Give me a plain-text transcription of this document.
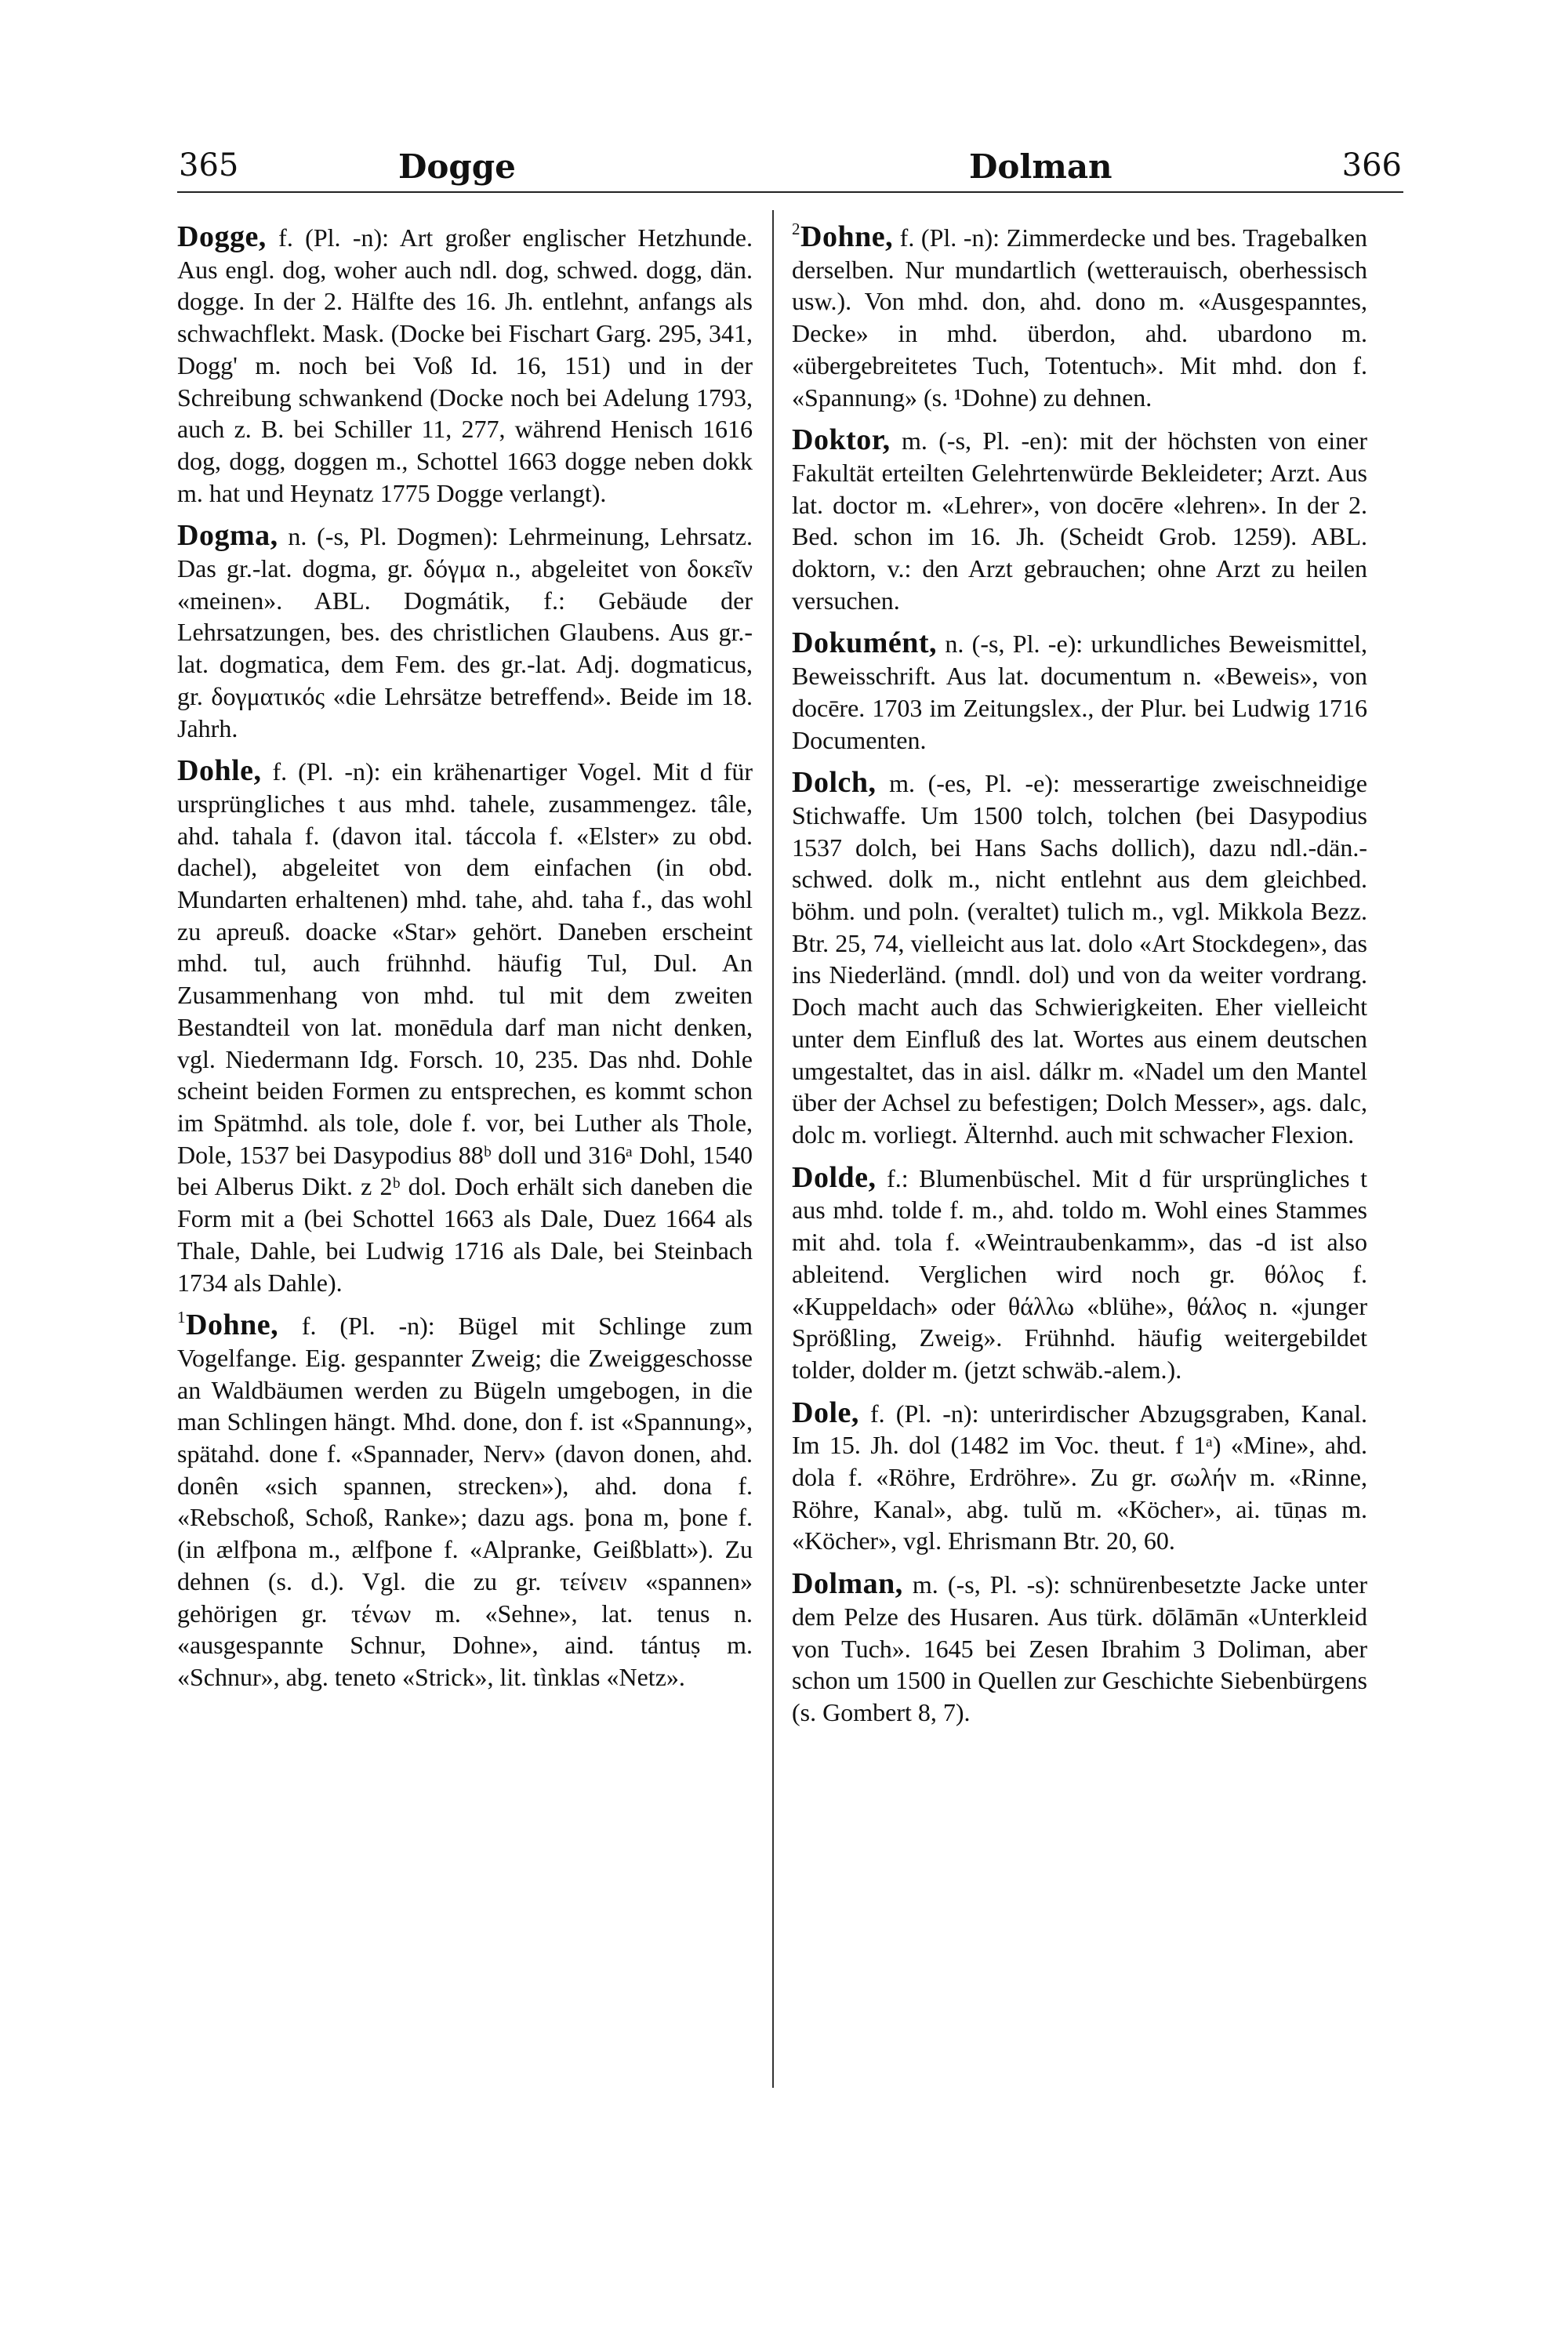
365	Dogge	Dolman	366

Dogge, f. (Pl. -n): Art großer englischer Hetzhunde. Aus engl. dog, woher auch ndl. dog, schwed. dogg, dän. dogge. In der 2. Hälfte des 16. Jh. entlehnt, anfangs als schwachflekt. Mask. (Docke bei Fischart Garg. 295, 341, Dogg' m. noch bei Voß Id. 16, 151) und in der Schreibung schwankend (Docke noch bei Adelung 1793, auch z. B. bei Schiller 11, 277, während Henisch 1616 dog, dogg, doggen m., Schottel 1663 dogge neben dokk m. hat und Heynatz 1775 Dogge verlangt).

Dogma, n. (-s, Pl. Dogmen): Lehrmeinung, Lehrsatz. Das gr.-lat. dogma, gr. δόγμα n., abgeleitet von δοκεῖν «meinen». ABL. Dogmátik, f.: Gebäude der Lehrsatzungen, bes. des christlichen Glaubens. Aus gr.-lat. dogmatica, dem Fem. des gr.-lat. Adj. dogmaticus, gr. δογματικός «die Lehrsätze betreffend». Beide im 18. Jahrh.

Dohle, f. (Pl. -n): ein krähenartiger Vogel. Mit d für ursprüngliches t aus mhd. tahele, zusammengez. tâle, ahd. tahala f. (davon ital. táccola f. «Elster» zu obd. dachel), abgeleitet von dem einfachen (in obd. Mundarten erhaltenen) mhd. tahe, ahd. taha f., das wohl zu apreuß. doacke «Star» gehört. Daneben erscheint mhd. tul, auch frühnhd. häufig Tul, Dul. An Zusammenhang von mhd. tul mit dem zweiten Bestandteil von lat. monēdula darf man nicht denken, vgl. Niedermann Idg. Forsch. 10, 235. Das nhd. Dohle scheint beiden Formen zu entsprechen, es kommt schon im Spätmhd. als tole, dole f. vor, bei Luther als Thole, Dole, 1537 bei Dasypodius 88ᵇ doll und 316ᵃ Dohl, 1540 bei Alberus Dikt. z 2ᵇ dol. Doch erhält sich daneben die Form mit a (bei Schottel 1663 als Dale, Duez 1664 als Thale, Dahle, bei Ludwig 1716 als Dale, bei Steinbach 1734 als Dahle).

$^1$Dohne, f. (Pl. -n): Bügel mit Schlinge zum Vogelfange. Eig. gespannter Zweig; die Zweiggeschosse an Waldbäumen werden zu Bügeln umgebogen, in die man Schlingen hängt. Mhd. done, don f. ist «Spannung», spätahd. done f. «Spannader, Nerv» (davon donen, ahd. donên «sich spannen, strecken»), ahd. dona f. «Rebschoß, Schoß, Ranke»; dazu ags. þona m, þone f. (in ælfþona m., ælfþone f. «Alpranke, Geißblatt»). Zu dehnen (s. d.). Vgl. die zu gr. τείνειν «spannen» gehörigen gr. τένων m. «Sehne», lat. tenus n. «ausgespannte Schnur, Dohne», aind. tántuṣ m. «Schnur», abg. teneto «Strick», lit. tìnklas «Netz».

$^2$Dohne, f. (Pl. -n): Zimmerdecke und bes. Tragebalken derselben. Nur mundartlich (wetterauisch, oberhessisch usw.). Von mhd. don, ahd. dono m. «Ausgespanntes, Decke» in mhd. überdon, ahd. ubardono m. «übergebreitetes Tuch, Totentuch». Mit mhd. don f. «Spannung» (s. ¹Dohne) zu dehnen.

Doktor, m. (-s, Pl. -en): mit der höchsten von einer Fakultät erteilten Gelehrtenwürde Bekleideter; Arzt. Aus lat. doctor m. «Lehrer», von docēre «lehren». In der 2. Bed. schon im 16. Jh. (Scheidt Grob. 1259). ABL. doktorn, v.: den Arzt gebrauchen; ohne Arzt zu heilen versuchen.

Dokumént, n. (-s, Pl. -e): urkundliches Beweismittel, Beweisschrift. Aus lat. documentum n. «Beweis», von docēre. 1703 im Zeitungslex., der Plur. bei Ludwig 1716 Documenten.

Dolch, m. (-es, Pl. -e): messerartige zweischneidige Stichwaffe. Um 1500 tolch, tolchen (bei Dasypodius 1537 dolch, bei Hans Sachs dollich), dazu ndl.-dän.-schwed. dolk m., nicht entlehnt aus dem gleichbed. böhm. und poln. (veraltet) tulich m., vgl. Mikkola Bezz. Btr. 25, 74, vielleicht aus lat. dolo «Art Stockdegen», das ins Niederländ. (mndl. dol) und von da weiter vordrang. Doch macht auch das Schwierigkeiten. Eher vielleicht unter dem Einfluß des lat. Wortes aus einem deutschen umgestaltet, das in aisl. dálkr m. «Nadel um den Mantel über der Achsel zu befestigen; Dolch Messer», ags. dalc, dolc m. vorliegt. Älternhd. auch mit schwacher Flexion.

Dolde, f.: Blumenbüschel. Mit d für ursprüngliches t aus mhd. tolde f. m., ahd. toldo m. Wohl eines Stammes mit ahd. tola f. «Weintraubenkamm», das -d ist also ableitend. Verglichen wird noch gr. θόλος f. «Kuppeldach» oder θάλλω «blühe», θάλος n. «junger Sprößling, Zweig». Frühnhd. häufig weitergebildet tolder, dolder m. (jetzt schwäb.-alem.).

Dole, f. (Pl. -n): unterirdischer Abzugsgraben, Kanal. Im 15. Jh. dol (1482 im Voc. theut. f 1ᵃ) «Mine», ahd. dola f. «Röhre, Erdröhre». Zu gr. σωλήν m. «Rinne, Röhre, Kanal», abg. tulŭ m. «Köcher», ai. tūṇas m. «Köcher», vgl. Ehrismann Btr. 20, 60.

Dolman, m. (-s, Pl. -s): schnürenbesetzte Jacke unter dem Pelze des Husaren. Aus türk. dōlāmān «Unterkleid von Tuch». 1645 bei Zesen Ibrahim 3 Doliman, aber schon um 1500 in Quellen zur Geschichte Siebenbürgens (s. Gombert 8, 7).
